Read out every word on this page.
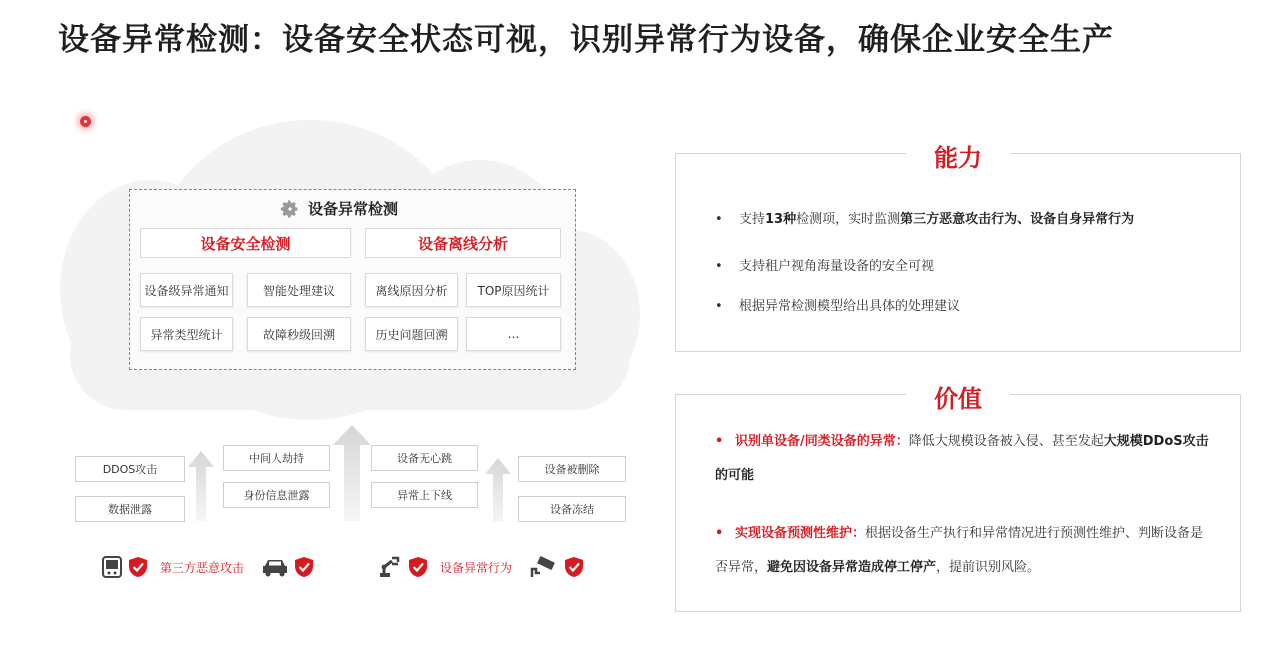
设备异常检测：设备安全状态可视，识别异常行为设备，确保企业安全生产
设备异常检测
设备安全检测	设备离线分析
设备级异常通知	智能处理建议	离线原因分析	TOP原因统计
异常类型统计	故障秒级回溯	历史问题回溯	...
DDOS攻击
数据泄露
中间人劫持
身份信息泄露
设备无心跳
异常上下线
设备被删除
设备冻结
第三方恶意攻击	设备异常行为
能力
• 支持13种检测项，实时监测第三方恶意攻击行为、设备自身异常行为
• 支持租户视角海量设备的安全可视
• 根据异常检测模型给出具体的处理建议
价值
• 识别单设备/同类设备的异常：降低大规模设备被入侵、甚至发起大规模DDoS攻击的可能
• 实现设备预测性维护：根据设备生产执行和异常情况进行预测性维护、判断设备是否异常，避免因设备异常造成停工停产，提前识别风险。
